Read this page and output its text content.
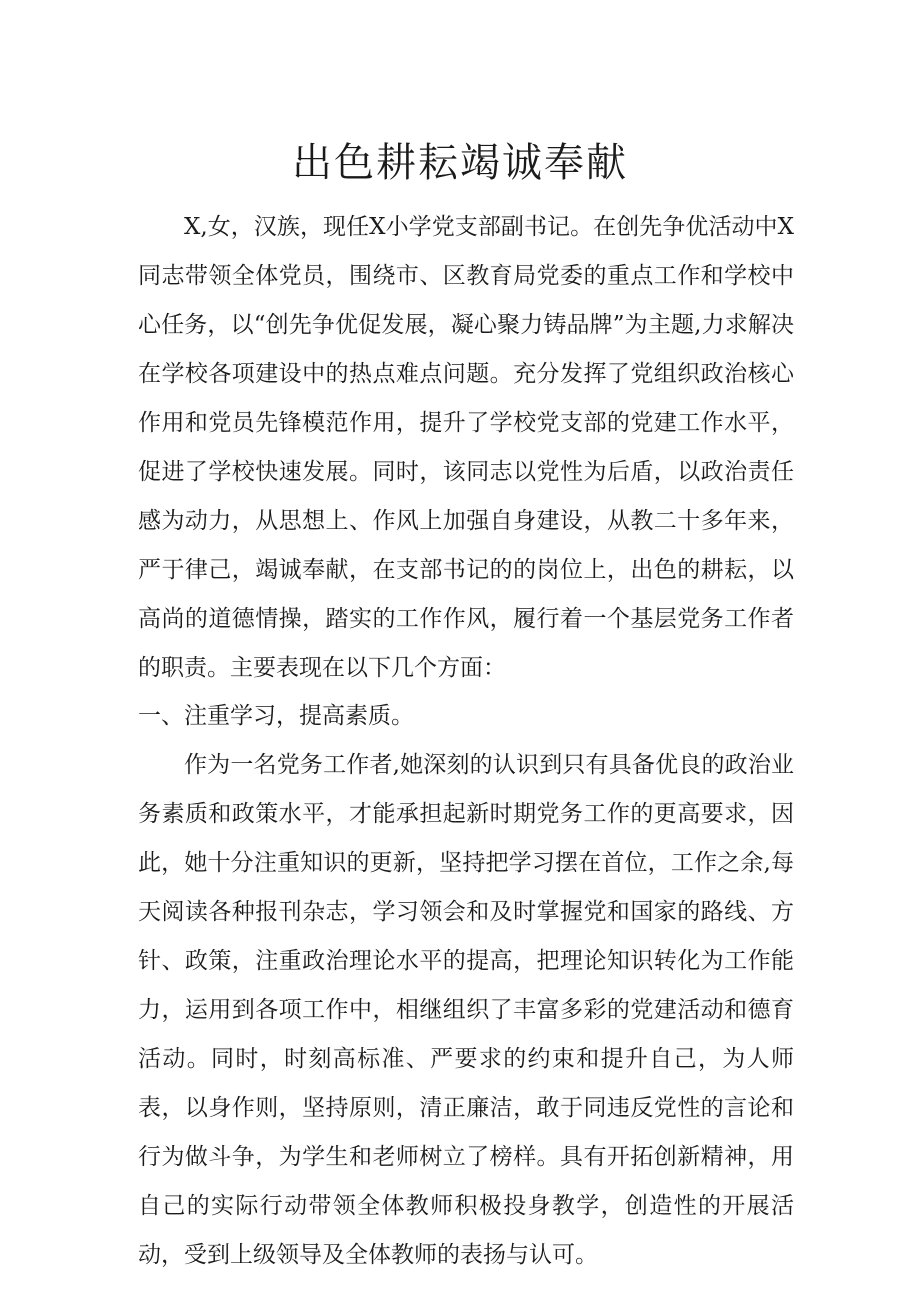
出色耕耘竭诚奉献

X,女，汉族，现任X小学党支部副书记。在创先争优活动中X同志带领全体党员，围绕市、区教育局党委的重点工作和学校中心任务，以“创先争优促发展，凝心聚力铸品牌”为主题,力求解决在学校各项建设中的热点难点问题。充分发挥了党组织政治核心作用和党员先锋模范作用，提升了学校党支部的党建工作水平，促进了学校快速发展。同时，该同志以党性为后盾，以政治责任感为动力，从思想上、作风上加强自身建设，从教二十多年来，严于律己，竭诚奉献，在支部书记的的岗位上，出色的耕耘，以高尚的道德情操，踏实的工作作风，履行着一个基层党务工作者的职责。主要表现在以下几个方面：

一、注重学习，提高素质。

作为一名党务工作者,她深刻的认识到只有具备优良的政治业务素质和政策水平，才能承担起新时期党务工作的更高要求，因此，她十分注重知识的更新，坚持把学习摆在首位，工作之余,每天阅读各种报刊杂志，学习领会和及时掌握党和国家的路线、方针、政策，注重政治理论水平的提高，把理论知识转化为工作能力，运用到各项工作中，相继组织了丰富多彩的党建活动和德育活动。同时，时刻高标准、严要求的约束和提升自己，为人师表，以身作则，坚持原则，清正廉洁，敢于同违反党性的言论和行为做斗争，为学生和老师树立了榜样。具有开拓创新精神，用自己的实际行动带领全体教师积极投身教学，创造性的开展活动，受到上级领导及全体教师的表扬与认可。
